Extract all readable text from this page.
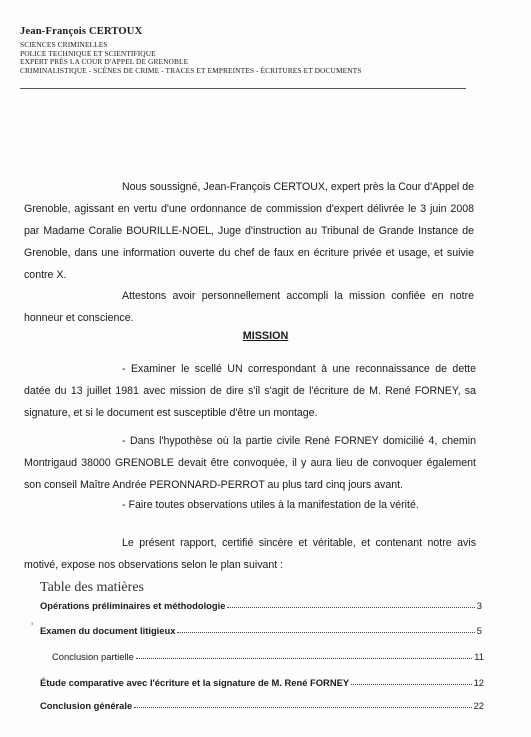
Jean-François CERTOUX
SCIENCES CRIMINELLES
POLICE TECHNIQUE ET SCIENTIFIQUE
EXPERT PRÈS LA COUR D'APPEL DE GRENOBLE
CRIMINALISTIQUE - SCÈNES DE CRIME - TRACES ET EMPREINTES - ÉCRITURES ET DOCUMENTS
Nous soussigné, Jean-François CERTOUX, expert près la Cour d'Appel de Grenoble, agissant en vertu d'une ordonnance de commission d'expert délivrée le 3 juin 2008 par Madame Coralie BOURILLE-NOEL, Juge d'instruction au Tribunal de Grande Instance de Grenoble, dans une information ouverte du chef de faux en écriture privée et usage, et suivie contre X.
Attestons avoir personnellement accompli la mission confiée en notre honneur et conscience.
MISSION
- Examiner le scellé UN correspondant à une reconnaissance de dette datée du 13 juillet 1981 avec mission de dire s'il s'agit de l'écriture de M. René FORNEY, sa signature, et si le document est susceptible d'être un montage.
- Dans l'hypothèse où la partie civile René FORNEY domicilié 4, chemin Montrigaud 38000 GRENOBLE devait être convoquée, il y aura lieu de convoquer également son conseil Maître Andrée PERONNARD-PERROT au plus tard cinq jours avant.
- Faire toutes observations utiles à la manifestation de la vérité.
Le présent rapport, certifié sincère et véritable, et contenant notre avis motivé, expose nos observations selon le plan suivant :
Table des matières
Opérations préliminaires et méthodologie	3
Examen du document litigieux	5
Conclusion partielle	11
Étude comparative avec l'écriture et la signature de M. René FORNEY	12
Conclusion générale	22
'
